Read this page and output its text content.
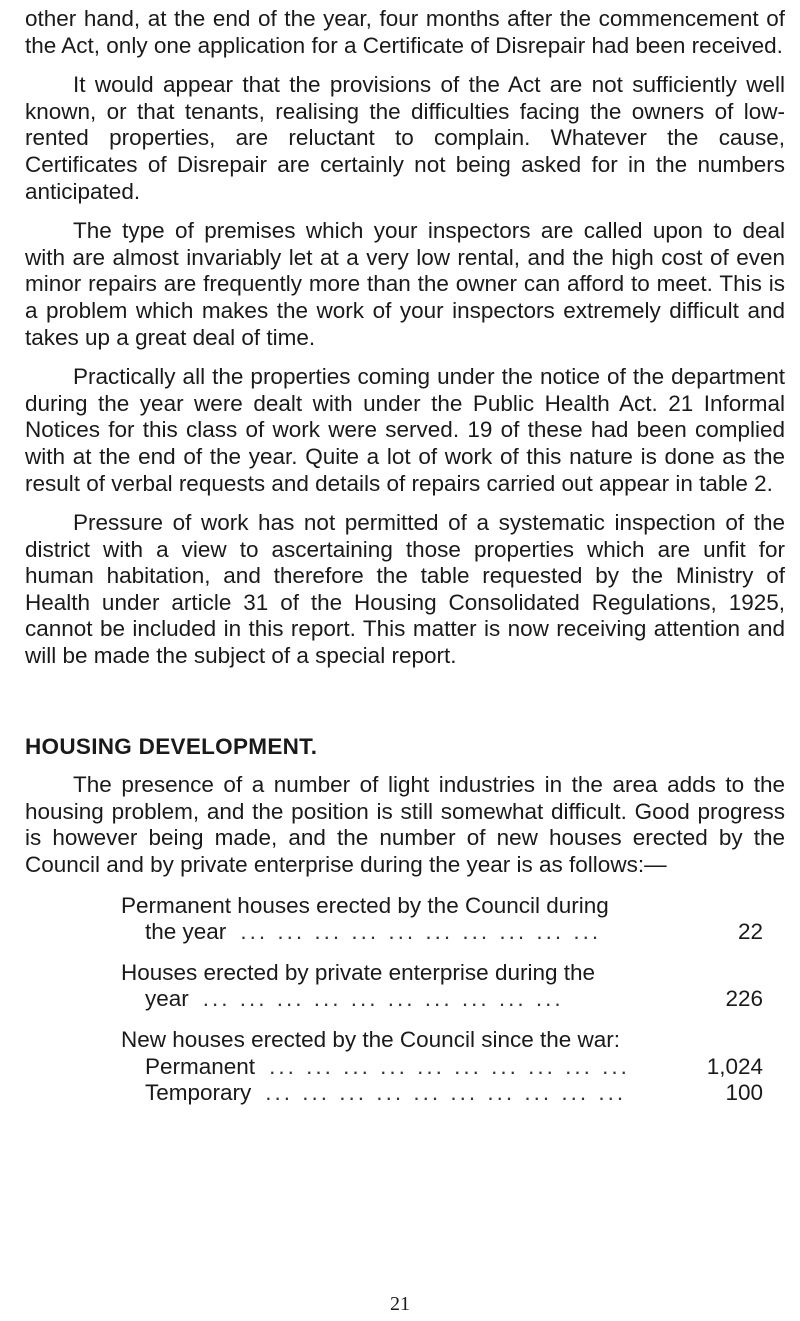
other hand, at the end of the year, four months after the commencement of the Act, only one application for a Certificate of Disrepair had been received.

It would appear that the provisions of the Act are not sufficiently well known, or that tenants, realising the difficulties facing the owners of low-rented properties, are reluctant to complain. Whatever the cause, Certificates of Disrepair are certainly not being asked for in the numbers anticipated.

The type of premises which your inspectors are called upon to deal with are almost invariably let at a very low rental, and the high cost of even minor repairs are frequently more than the owner can afford to meet. This is a problem which makes the work of your inspectors extremely difficult and takes up a great deal of time.

Practically all the properties coming under the notice of the department during the year were dealt with under the Public Health Act. 21 Informal Notices for this class of work were served. 19 of these had been complied with at the end of the year. Quite a lot of work of this nature is done as the result of verbal requests and details of repairs carried out appear in table 2.

Pressure of work has not permitted of a systematic inspection of the district with a view to ascertaining those properties which are unfit for human habitation, and therefore the table requested by the Ministry of Health under article 31 of the Housing Consolidated Regulations, 1925, cannot be included in this report. This matter is now receiving attention and will be made the subject of a special report.

HOUSING DEVELOPMENT.

The presence of a number of light industries in the area adds to the housing problem, and the position is still somewhat difficult. Good progress is however being made, and the number of new houses erected by the Council and by private enterprise during the year is as follows:—

Permanent houses erected by the Council during
the year ... ... ... ... ... ... ... ... ... ...	22
Houses erected by private enterprise during the
year ... ... ... ... ... ... ... ... ... ...	226
New houses erected by the Council since the war:
Permanent ... ... ... ... ... ... ... ... ... ...	1,024
Temporary ... ... ... ... ... ... ... ... ... ...	100
21
